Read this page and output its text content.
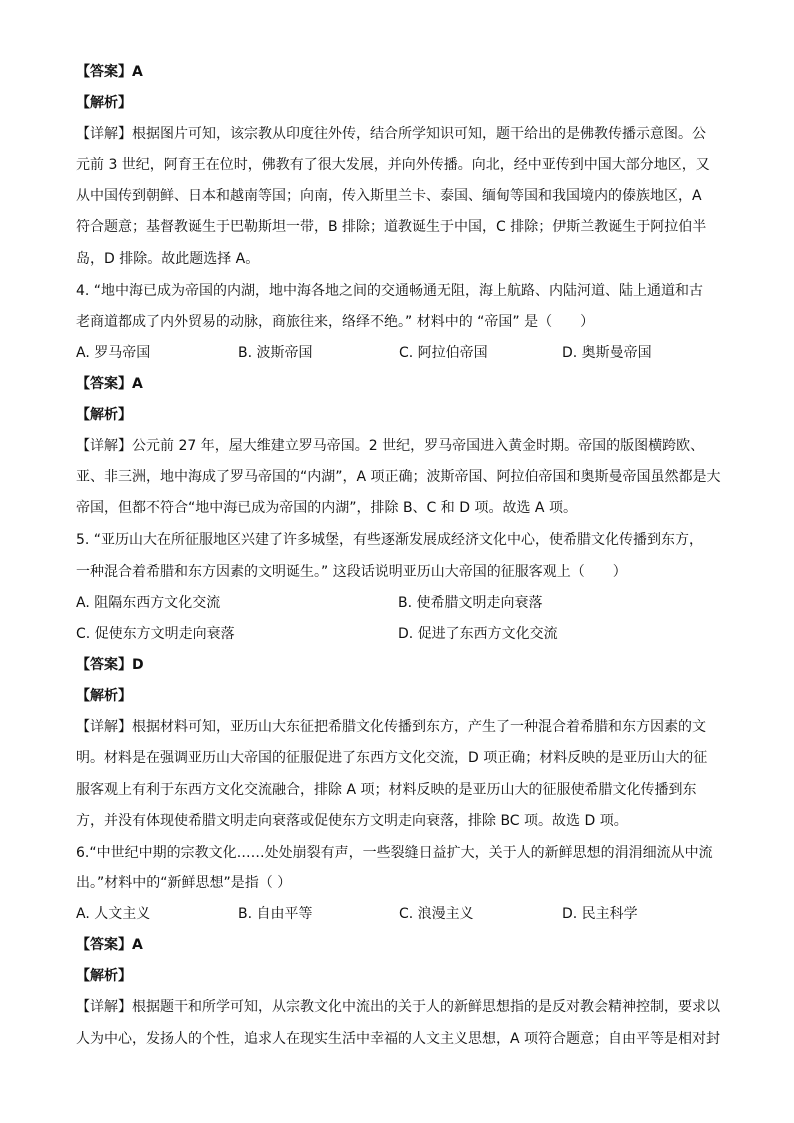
【答案】A
【解析】
【详解】根据图片可知，该宗教从印度往外传，结合所学知识可知，题干给出的是佛教传播示意图。公
元前 3 世纪，阿育王在位时，佛教有了很大发展，并向外传播。向北，经中亚传到中国大部分地区，又
从中国传到朝鲜、日本和越南等国；向南，传入斯里兰卡、泰国、缅甸等国和我国境内的傣族地区，A
符合题意；基督教诞生于巴勒斯坦一带，B 排除；道教诞生于中国，C 排除；伊斯兰教诞生于阿拉伯半
岛，D 排除。故此题选择 A。
4. “地中海已成为帝国的内湖，地中海各地之间的交通畅通无阻，海上航路、内陆河道、陆上通道和古
老商道都成了内外贸易的动脉，商旅往来，络绎不绝。” 材料中的 “帝国” 是（　　）
A. 罗马帝国	B. 波斯帝国	C. 阿拉伯帝国	D. 奥斯曼帝国
【答案】A
【解析】
【详解】公元前 27 年，屋大维建立罗马帝国。2 世纪，罗马帝国进入黄金时期。帝国的版图横跨欧、
亚、非三洲，地中海成了罗马帝国的“内湖”，A 项正确；波斯帝国、阿拉伯帝国和奥斯曼帝国虽然都是大
帝国，但都不符合“地中海已成为帝国的内湖”，排除 B、C 和 D 项。故选 A 项。
5. “亚历山大在所征服地区兴建了许多城堡，有些逐渐发展成经济文化中心，使希腊文化传播到东方，
一种混合着希腊和东方因素的文明诞生。” 这段话说明亚历山大帝国的征服客观上（　　）
A. 阻隔东西方文化交流	B. 使希腊文明走向衰落
C. 促使东方文明走向衰落	D. 促进了东西方文化交流
【答案】D
【解析】
【详解】根据材料可知，亚历山大东征把希腊文化传播到东方，产生了一种混合着希腊和东方因素的文
明。材料是在强调亚历山大帝国的征服促进了东西方文化交流，D 项正确；材料反映的是亚历山大的征
服客观上有利于东西方文化交流融合，排除 A 项；材料反映的是亚历山大的征服使希腊文化传播到东
方，并没有体现使希腊文明走向衰落或促使东方文明走向衰落，排除 BC 项。故选 D 项。
6.“中世纪中期的宗教文化……处处崩裂有声，一些裂缝日益扩大，关于人的新鲜思想的涓涓细流从中流
出。”材料中的“新鲜思想”是指（ ）
A. 人文主义	B. 自由平等	C. 浪漫主义	D. 民主科学
【答案】A
【解析】
【详解】根据题干和所学可知，从宗教文化中流出的关于人的新鲜思想指的是反对教会精神控制，要求以
人为中心，发扬人的个性，追求人在现实生活中幸福的人文主义思想，A 项符合题意；自由平等是相对封
